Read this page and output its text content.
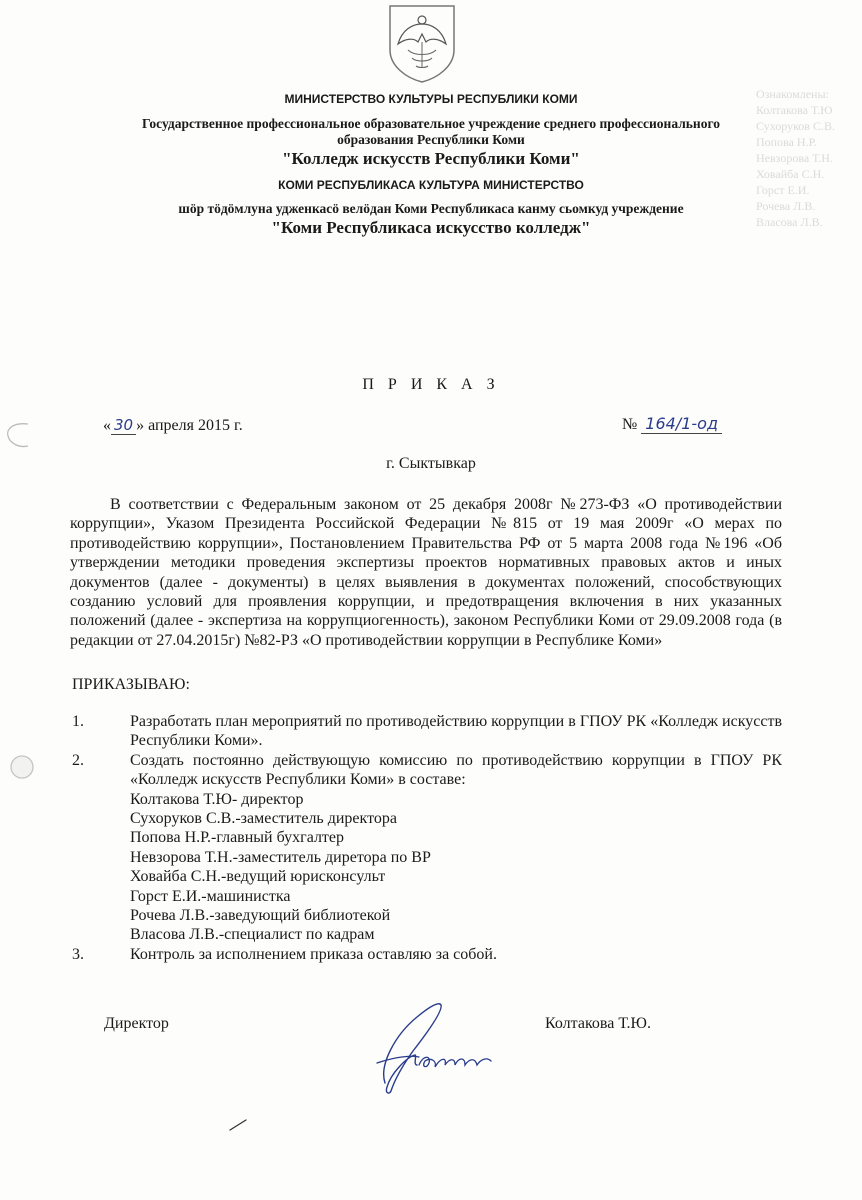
МИНИСТЕРСТВО КУЛЬТУРЫ РЕСПУБЛИКИ КОМИ
Государственное профессиональное образовательное учреждение среднего профессионального
образования Республики Коми
"Колледж искусств Республики Коми"
КОМИ РЕСПУБЛИКАСА КУЛЬТУРА МИНИСТЕРСТВО
шöр тöдöмлуна удженкасö велöдан Коми Республикаса канму сьомкуд учреждение
"Коми Республикаса искусство колледж"
Ознакомлены:
Колтакова Т.Ю
Сухоруков С.В.
Попова Н.Р.
Невзорова Т.Н.
Ховайба С.Н.
Горст Е.И.
Рочева Л.В.
Власова Л.В.
П Р И К А З
« 30 » апреля 2015 г.	№ 164/1-од
г. Сыктывкар

В соответствии с Федеральным законом от 25 декабря 2008г №273-ФЗ «О противодействии коррупции», Указом Президента Российской Федерации №815 от 19 мая 2009г «О мерах по противодействию коррупции», Постановлением Правительства РФ от 5 марта 2008 года №196 «Об утверждении методики проведения экспертизы проектов нормативных правовых актов и иных документов (далее - документы) в целях выявления в документах положений, способствующих созданию условий для проявления коррупции, и предотвращения включения в них указанных положений (далее - экспертиза на коррупциогенность), законом Республики Коми от 29.09.2008 года (в редакции от 27.04.2015г) №82-РЗ «О противодействии коррупции в Республике Коми»

ПРИКАЗЫВАЮ:
1.	Разработать план мероприятий по противодействию коррупции в ГПОУ РК «Колледж искусств Республики Коми».
2.	Создать постоянно действующую комиссию по противодействию коррупции в ГПОУ РК «Колледж искусств Республики Коми» в составе:
Колтакова Т.Ю- директор
Сухоруков С.В.-заместитель директора
Попова Н.Р.-главный бухгалтер
Невзорова Т.Н.-заместитель диретора по ВР
Ховайба С.Н.-ведущий юрисконсульт
Горст Е.И.-машинистка
Рочева Л.В.-заведующий библиотекой
Власова Л.В.-специалист по кадрам
3.	Контроль за исполнением приказа оставляю за собой.
Директор	Колтакова Т.Ю.
